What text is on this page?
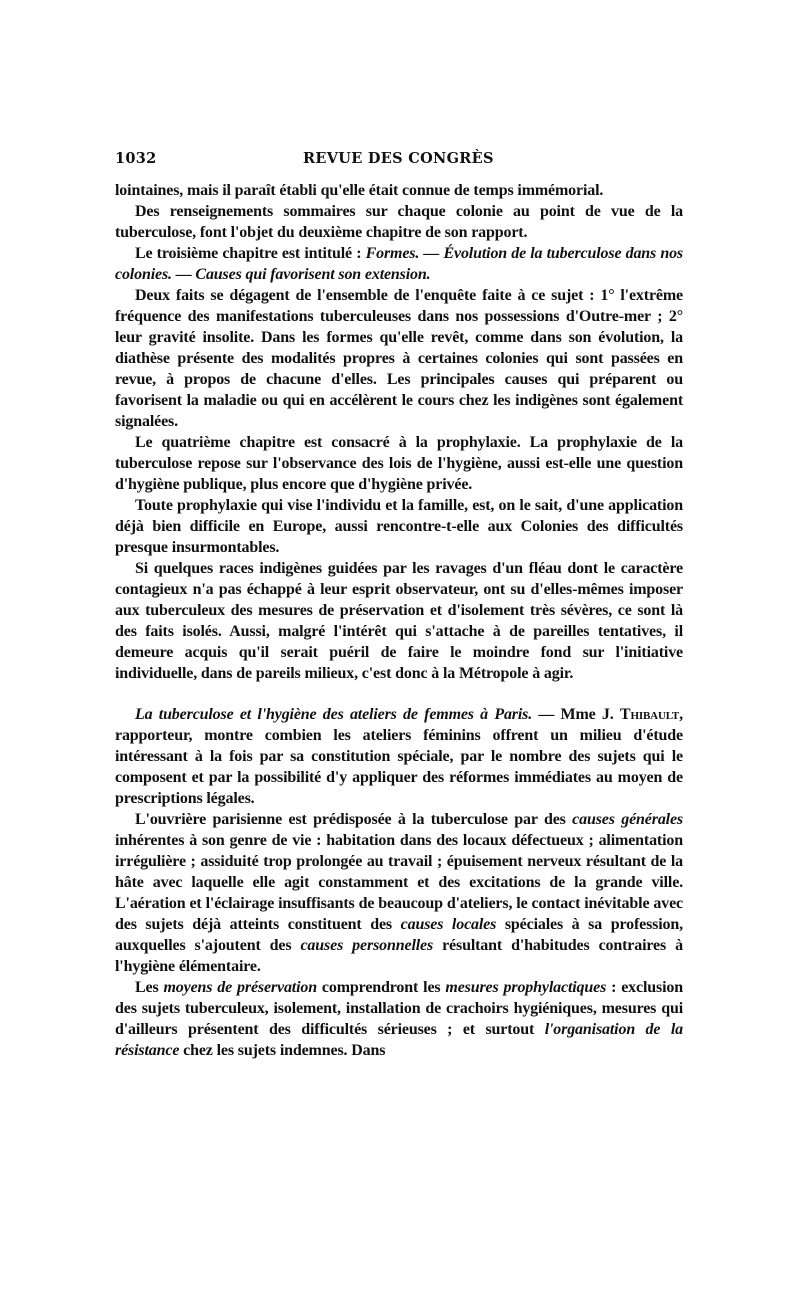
1032	REVUE DES CONGRÈS

lointaines, mais il paraît établi qu'elle était connue de temps immémorial.

Des renseignements sommaires sur chaque colonie au point de vue de la tuberculose, font l'objet du deuxième chapitre de son rapport.

Le troisième chapitre est intitulé : Formes. — Évolution de la tuberculose dans nos colonies. — Causes qui favorisent son extension.

Deux faits se dégagent de l'ensemble de l'enquête faite à ce sujet : 1° l'extrême fréquence des manifestations tuberculeuses dans nos possessions d'Outre-mer ; 2° leur gravité insolite. Dans les formes qu'elle revêt, comme dans son évolution, la diathèse présente des modalités propres à certaines colonies qui sont passées en revue, à propos de chacune d'elles. Les principales causes qui préparent ou favorisent la maladie ou qui en accélèrent le cours chez les indigènes sont également signalées.

Le quatrième chapitre est consacré à la prophylaxie. La prophylaxie de la tuberculose repose sur l'observance des lois de l'hygiène, aussi est-elle une question d'hygiène publique, plus encore que d'hygiène privée.

Toute prophylaxie qui vise l'individu et la famille, est, on le sait, d'une application déjà bien difficile en Europe, aussi rencontre-t-elle aux Colonies des difficultés presque insurmontables.

Si quelques races indigènes guidées par les ravages d'un fléau dont le caractère contagieux n'a pas échappé à leur esprit observateur, ont su d'elles-mêmes imposer aux tuberculeux des mesures de préservation et d'isolement très sévères, ce sont là des faits isolés. Aussi, malgré l'intérêt qui s'attache à de pareilles tentatives, il demeure acquis qu'il serait puéril de faire le moindre fond sur l'initiative individuelle, dans de pareils milieux, c'est donc à la Métropole à agir.

La tuberculose et l'hygiène des ateliers de femmes à Paris. — Mme J. Thibault, rapporteur, montre combien les ateliers féminins offrent un milieu d'étude intéressant à la fois par sa constitution spéciale, par le nombre des sujets qui le composent et par la possibilité d'y appliquer des réformes immédiates au moyen de prescriptions légales.

L'ouvrière parisienne est prédisposée à la tuberculose par des causes générales inhérentes à son genre de vie : habitation dans des locaux défectueux ; alimentation irrégulière ; assiduité trop prolongée au travail ; épuisement nerveux résultant de la hâte avec laquelle elle agit constamment et des excitations de la grande ville. L'aération et l'éclairage insuffisants de beaucoup d'ateliers, le contact inévitable avec des sujets déjà atteints constituent des causes locales spéciales à sa profession, auxquelles s'ajoutent des causes personnelles résultant d'habitudes contraires à l'hygiène élémentaire.

Les moyens de préservation comprendront les mesures prophylactiques : exclusion des sujets tuberculeux, isolement, installation de crachoirs hygiéniques, mesures qui d'ailleurs présentent des difficultés sérieuses ; et surtout l'organisation de la résistance chez les sujets indemnes. Dans
